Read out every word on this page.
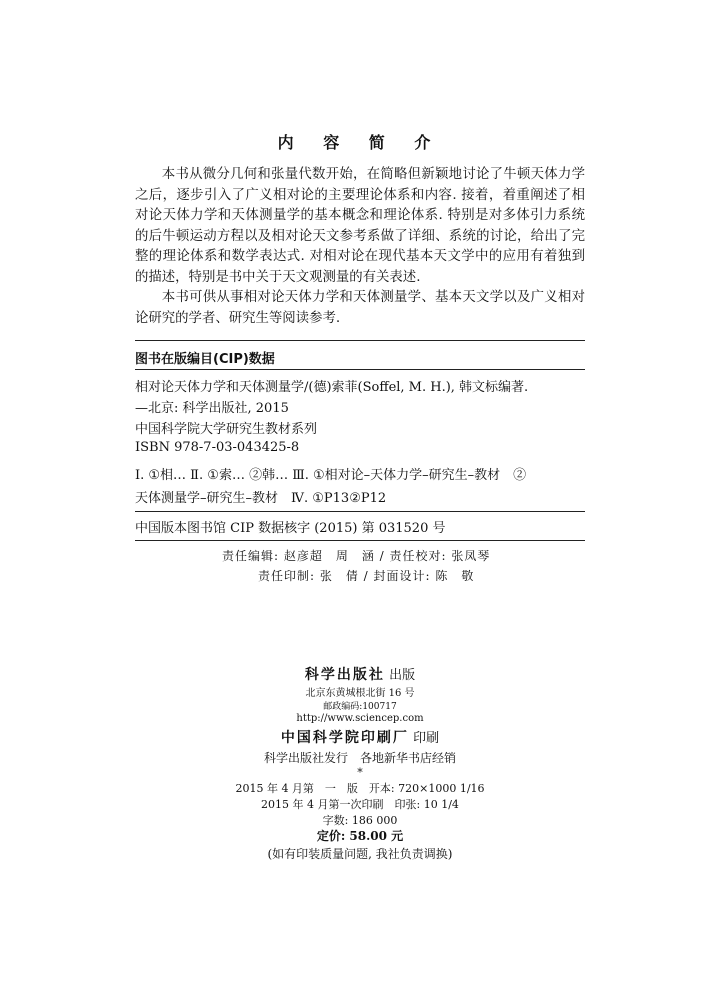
内 容 简 介

本书从微分几何和张量代数开始，在简略但新颖地讨论了牛顿天体力学之后，逐步引入了广义相对论的主要理论体系和内容. 接着，着重阐述了相对论天体力学和天体测量学的基本概念和理论体系. 特别是对多体引力系统的后牛顿运动方程以及相对论天文参考系做了详细、系统的讨论，给出了完整的理论体系和数学表达式. 对相对论在现代基本天文学中的应用有着独到的描述，特别是书中关于天文观测量的有关表述.

本书可供从事相对论天体力学和天体测量学、基本天文学以及广义相对论研究的学者、研究生等阅读参考.

图书在版编目(CIP)数据
相对论天体力学和天体测量学/(德)索菲(Soffel, M. H.), 韩文标编著.
—北京: 科学出版社, 2015
中国科学院大学研究生教材系列
ISBN 978-7-03-043425-8
I. ①相… Ⅱ. ①索… ②韩… Ⅲ. ①相对论–天体力学–研究生–教材　②
天体测量学–研究生–教材　Ⅳ. ①P13②P12
中国版本图书馆 CIP 数据核字 (2015) 第 031520 号
责任编辑: 赵彦超　周　涵 / 责任校对: 张凤琴
责任印制: 张　倩 / 封面设计: 陈　敬
科学出版社 出版
北京东黄城根北街 16 号
邮政编码:100717
http://www.sciencep.com
中国科学院印刷厂 印刷
科学出版社发行　各地新华书店经销
*
2015 年 4 月第　一　版　开本: 720×1000 1/16
2015 年 4 月第一次印刷　印张: 10 1/4
字数: 186 000
定价: 58.00 元
(如有印装质量问题, 我社负责调换)
